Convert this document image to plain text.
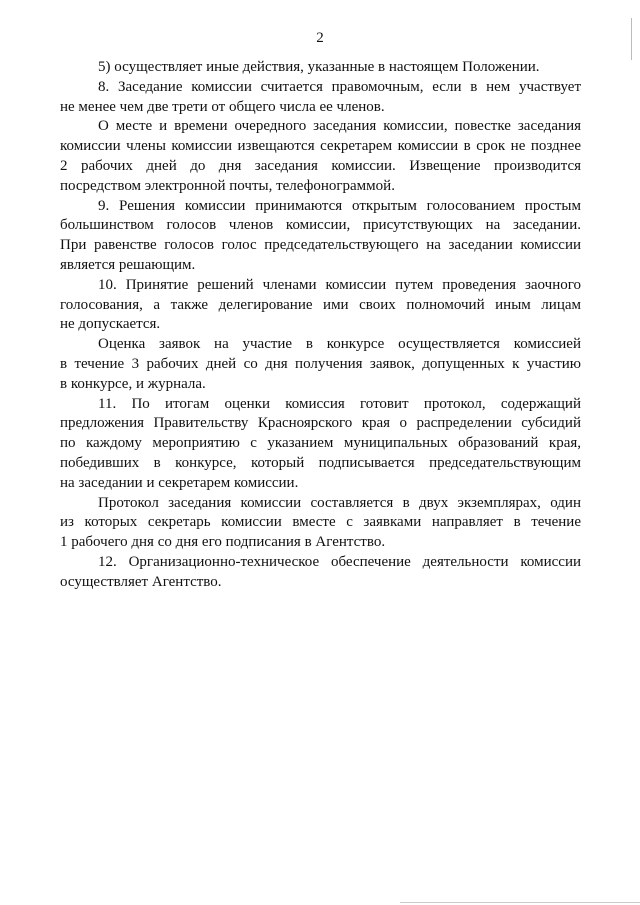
2

5) осуществляет иные действия, указанные в настоящем Положении.

8. Заседание комиссии считается правомочным, если в нем участвует
не менее чем две трети от общего числа ее членов.

О месте и времени очередного заседания комиссии, повестке заседания
комиссии члены комиссии извещаются секретарем комиссии в срок не позднее
2 рабочих дней до дня заседания комиссии. Извещение производится
посредством электронной почты, телефонограммой.

9. Решения комиссии принимаются открытым голосованием простым
большинством голосов членов комиссии, присутствующих на заседании.
При равенстве голосов голос председательствующего на заседании комиссии
является решающим.

10. Принятие решений членами комиссии путем проведения заочного
голосования, а также делегирование ими своих полномочий иным лицам
не допускается.

Оценка заявок на участие в конкурсе осуществляется комиссией
в течение 3 рабочих дней со дня получения заявок, допущенных к участию
в конкурсе, и журнала.

11. По итогам оценки комиссия готовит протокол, содержащий
предложения Правительству Красноярского края о распределении субсидий
по каждому мероприятию с указанием муниципальных образований края,
победивших в конкурсе, который подписывается председательствующим
на заседании и секретарем комиссии.

Протокол заседания комиссии составляется в двух экземплярах, один
из которых секретарь комиссии вместе с заявками направляет в течение
1 рабочего дня со дня его подписания в Агентство.

12. Организационно-техническое обеспечение деятельности комиссии
осуществляет Агентство.
